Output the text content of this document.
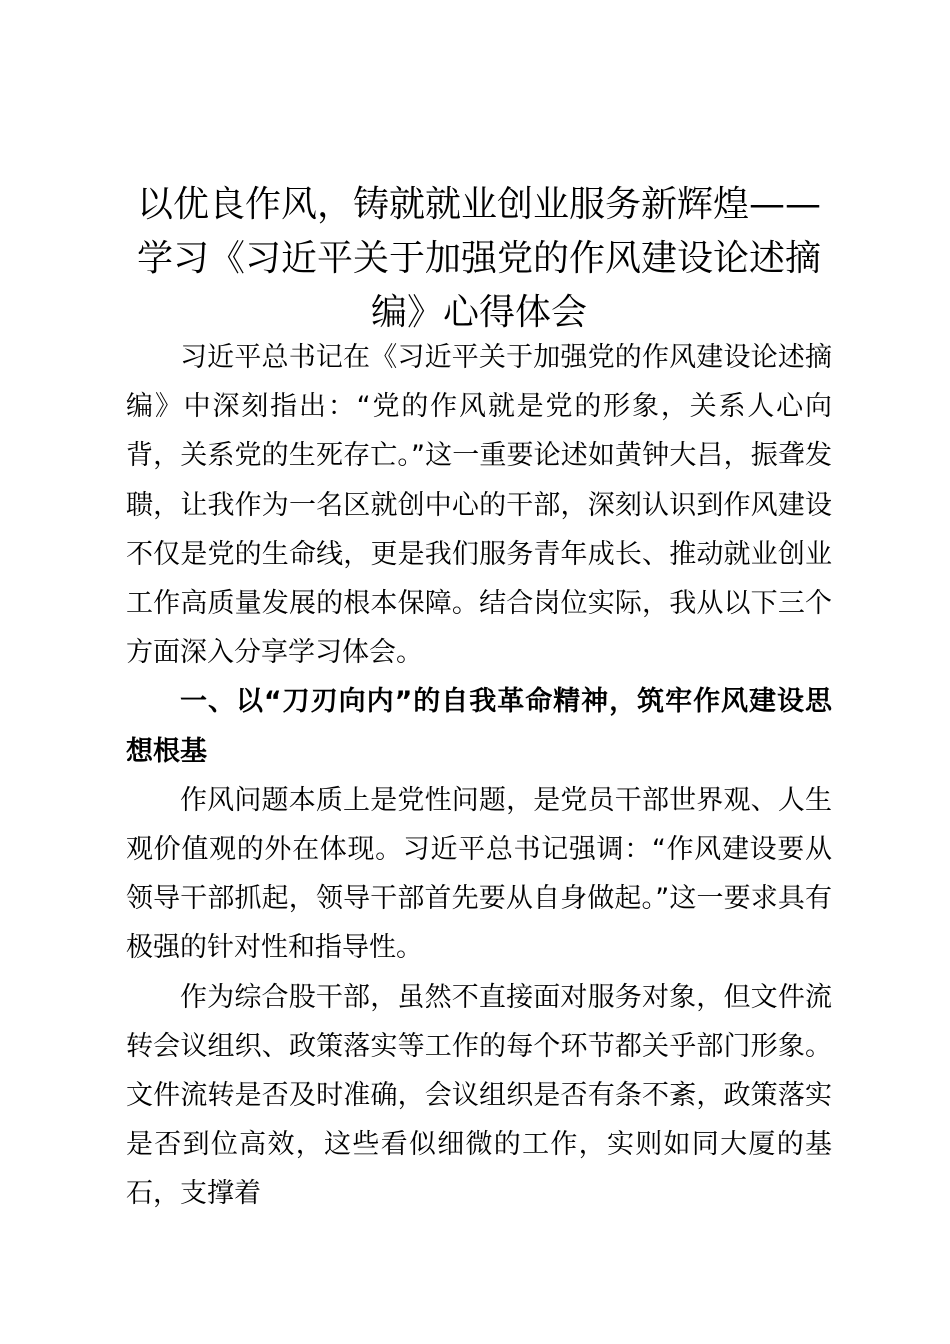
以优良作风，铸就就业创业服务新辉煌——
学习《习近平关于加强党的作风建设论述摘
编》心得体会

习近平总书记在《习近平关于加强党的作风建设论述摘编》中深刻指出：“党的作风就是党的形象，关系人心向背，关系党的生死存亡。”这一重要论述如黄钟大吕，振聋发聩，让我作为一名区就创中心的干部，深刻认识到作风建设不仅是党的生命线，更是我们服务青年成长、推动就业创业工作高质量发展的根本保障。结合岗位实际，我从以下三个方面深入分享学习体会。

一、以“刀刃向内”的自我革命精神，筑牢作风建设思想根基

作风问题本质上是党性问题，是党员干部世界观、人生观价值观的外在体现。习近平总书记强调：“作风建设要从领导干部抓起，领导干部首先要从自身做起。”这一要求具有极强的针对性和指导性。

作为综合股干部，虽然不直接面对服务对象，但文件流转会议组织、政策落实等工作的每个环节都关乎部门形象。文件流转是否及时准确，会议组织是否有条不紊，政策落实是否到位高效，这些看似细微的工作，实则如同大厦的基石，支撑着
